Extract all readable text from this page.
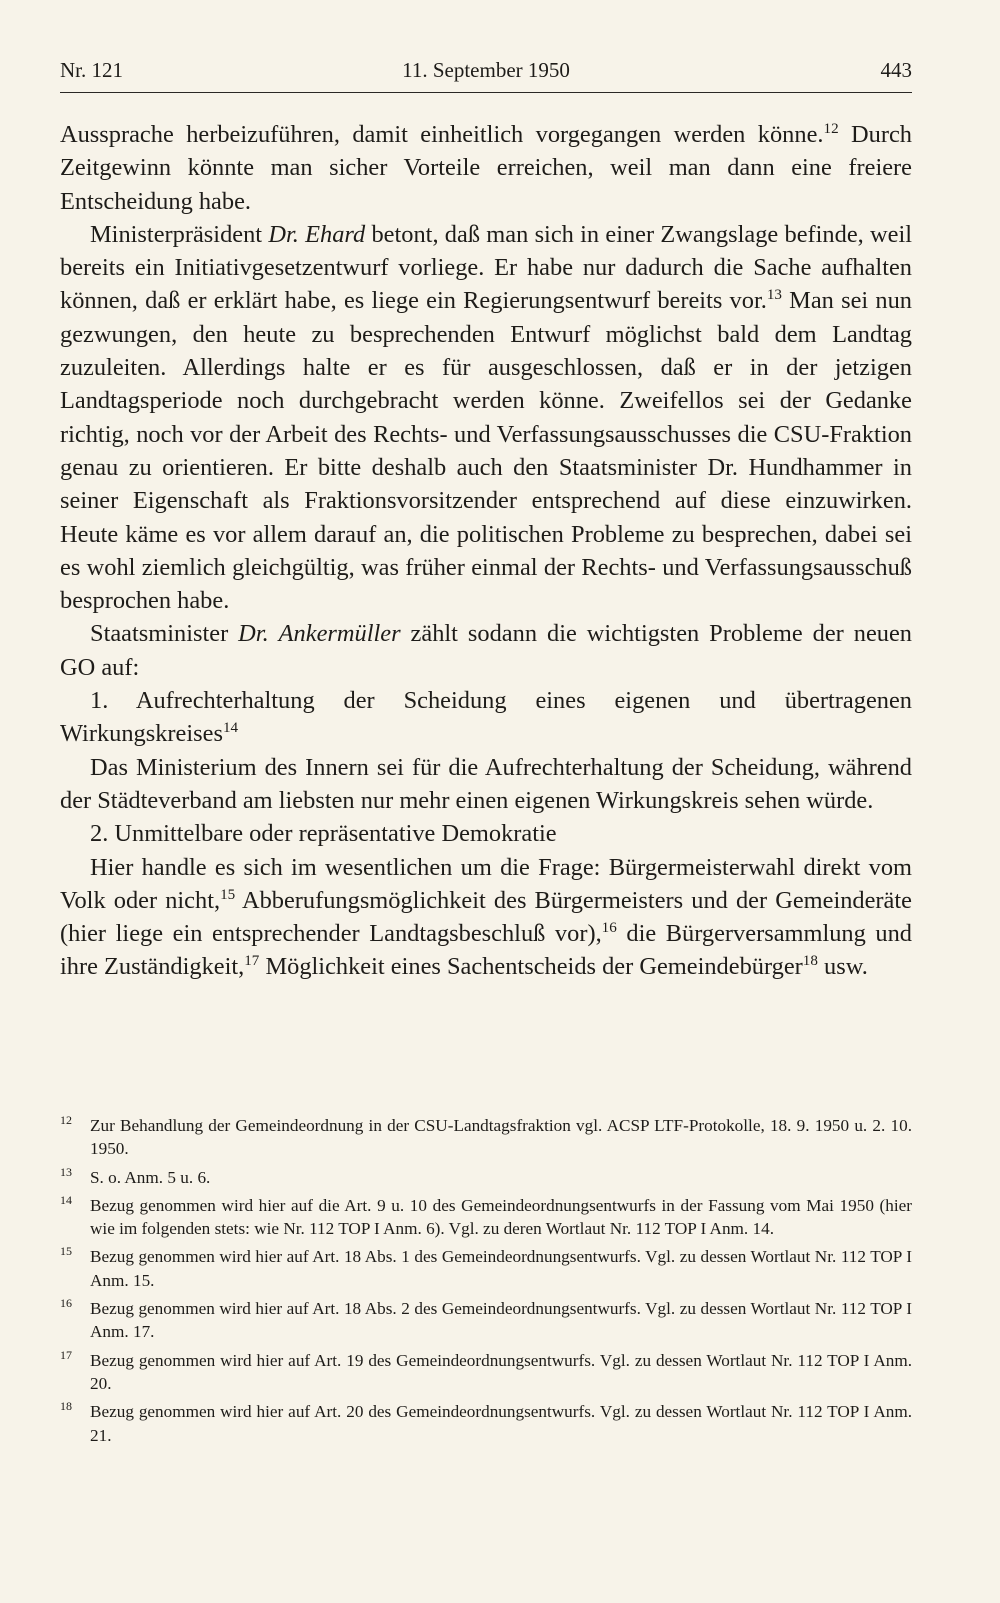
Nr. 121	11. September 1950	443

Aussprache herbeizuführen, damit einheitlich vorgegangen werden könne.$^{12}$ Durch Zeitgewinn könnte man sicher Vorteile erreichen, weil man dann eine freiere Entscheidung habe.

Ministerpräsident Dr. Ehard betont, daß man sich in einer Zwangslage befinde, weil bereits ein Initiativgesetzentwurf vorliege. Er habe nur dadurch die Sache aufhalten können, daß er erklärt habe, es liege ein Regierungsentwurf bereits vor.$^{13}$ Man sei nun gezwungen, den heute zu besprechenden Entwurf möglichst bald dem Landtag zuzuleiten. Allerdings halte er es für ausgeschlossen, daß er in der jetzigen Landtagsperiode noch durchgebracht werden könne. Zweifellos sei der Gedanke richtig, noch vor der Arbeit des Rechts- und Verfassungsausschusses die CSU-Fraktion genau zu orientieren. Er bitte deshalb auch den Staatsminister Dr. Hundhammer in seiner Eigenschaft als Fraktionsvorsitzender entsprechend auf diese einzuwirken. Heute käme es vor allem darauf an, die politischen Probleme zu besprechen, dabei sei es wohl ziemlich gleichgültig, was früher einmal der Rechts- und Verfassungsausschuß besprochen habe.

Staatsminister Dr. Ankermüller zählt sodann die wichtigsten Probleme der neuen GO auf:

1. Aufrechterhaltung der Scheidung eines eigenen und übertragenen Wirkungskreises$^{14}$

Das Ministerium des Innern sei für die Aufrechterhaltung der Scheidung, während der Städteverband am liebsten nur mehr einen eigenen Wirkungskreis sehen würde.

2. Unmittelbare oder repräsentative Demokratie

Hier handle es sich im wesentlichen um die Frage: Bürgermeisterwahl direkt vom Volk oder nicht,$^{15}$ Abberufungsmöglichkeit des Bürgermeisters und der Gemeinderäte (hier liege ein entsprechender Landtagsbeschluß vor),$^{16}$ die Bürgerversammlung und ihre Zuständigkeit,$^{17}$ Möglichkeit eines Sachentscheids der Gemeindebürger$^{18}$ usw.

12 Zur Behandlung der Gemeindeordnung in der CSU-Landtagsfraktion vgl. ACSP LTF-Protokolle, 18. 9. 1950 u. 2. 10. 1950.
13 S. o. Anm. 5 u. 6.
14 Bezug genommen wird hier auf die Art. 9 u. 10 des Gemeindeordnungsentwurfs in der Fassung vom Mai 1950 (hier wie im folgenden stets: wie Nr. 112 TOP I Anm. 6). Vgl. zu deren Wortlaut Nr. 112 TOP I Anm. 14.
15 Bezug genommen wird hier auf Art. 18 Abs. 1 des Gemeindeordnungsentwurfs. Vgl. zu dessen Wortlaut Nr. 112 TOP I Anm. 15.
16 Bezug genommen wird hier auf Art. 18 Abs. 2 des Gemeindeordnungsentwurfs. Vgl. zu dessen Wortlaut Nr. 112 TOP I Anm. 17.
17 Bezug genommen wird hier auf Art. 19 des Gemeindeordnungsentwurfs. Vgl. zu dessen Wortlaut Nr. 112 TOP I Anm. 20.
18 Bezug genommen wird hier auf Art. 20 des Gemeindeordnungsentwurfs. Vgl. zu dessen Wortlaut Nr. 112 TOP I Anm. 21.
